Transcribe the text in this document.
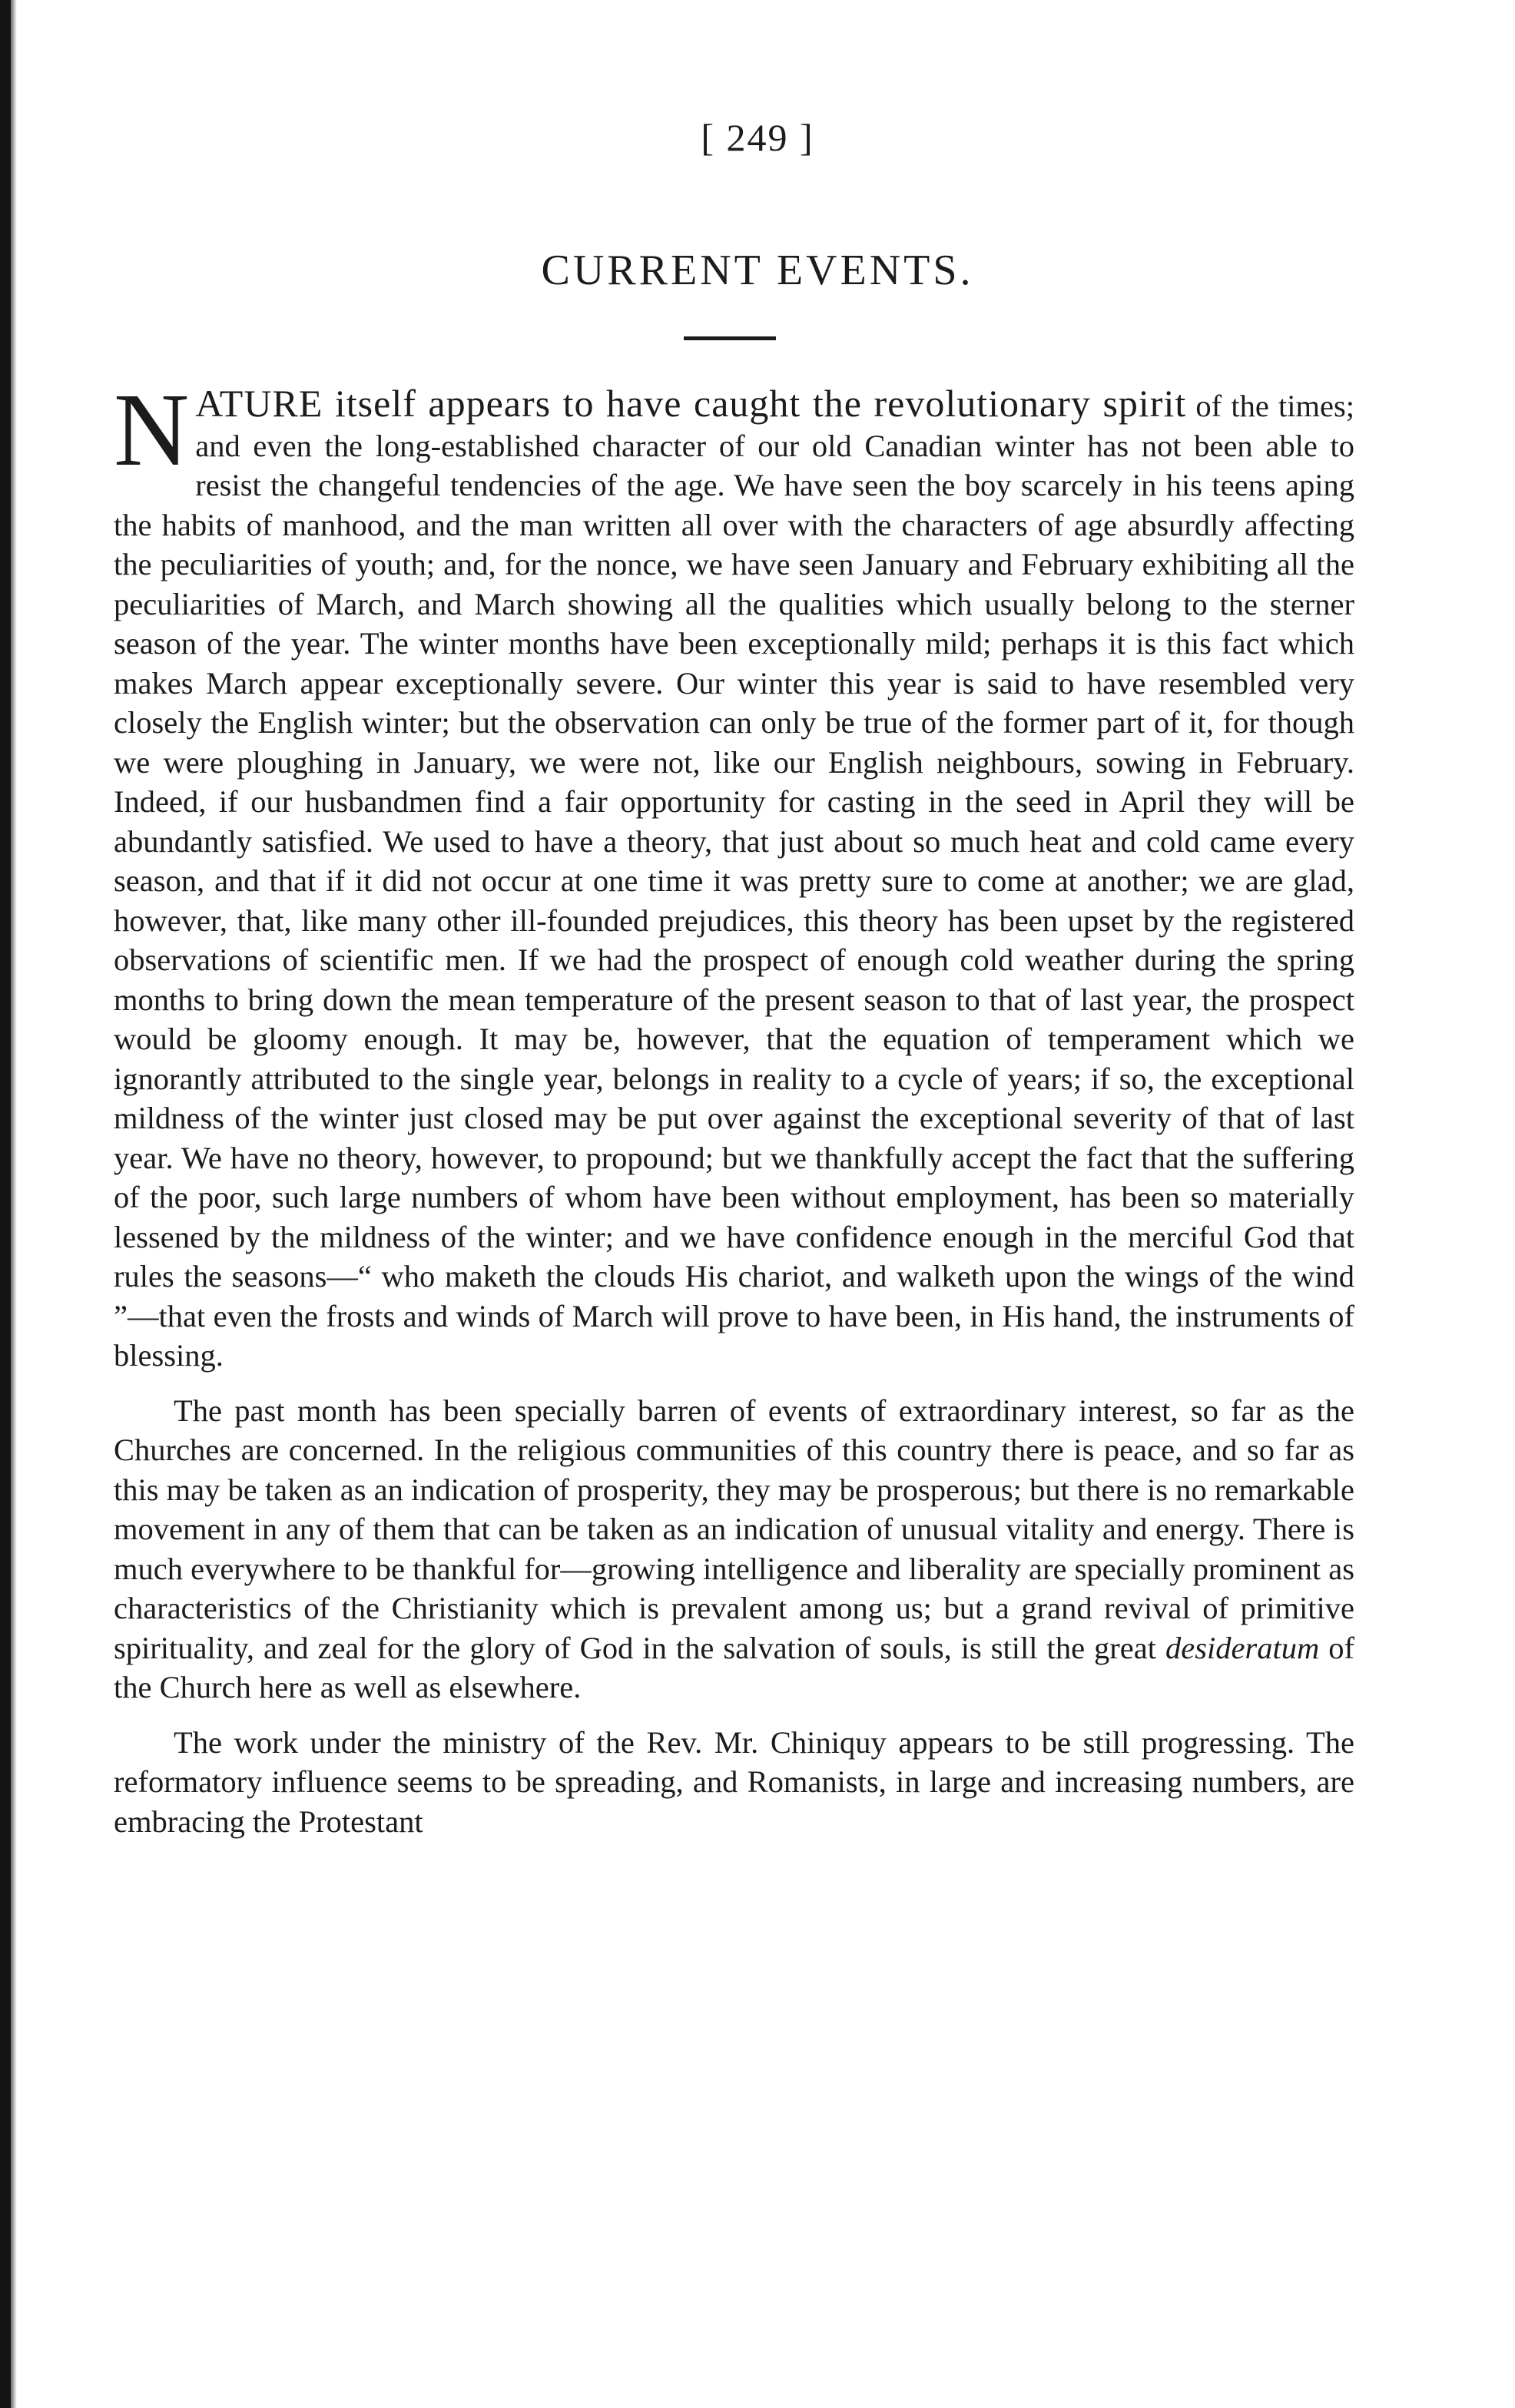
[ 249 ]
CURRENT EVENTS.

N ATURE itself appears to have caught the revolutionary spirit of the times; and even the long-established character of our old Canadian winter has not been able to resist the changeful tendencies of the age. We have seen the boy scarcely in his teens aping the habits of manhood, and the man written all over with the characters of age absurdly affecting the peculiarities of youth; and, for the nonce, we have seen January and February exhibiting all the peculiarities of March, and March showing all the qualities which usually belong to the sterner season of the year. The winter months have been exceptionally mild; perhaps it is this fact which makes March appear exceptionally severe. Our winter this year is said to have resembled very closely the English winter; but the observation can only be true of the former part of it, for though we were ploughing in January, we were not, like our English neighbours, sowing in February. Indeed, if our husbandmen find a fair opportunity for casting in the seed in April they will be abundantly satisfied. We used to have a theory, that just about so much heat and cold came every season, and that if it did not occur at one time it was pretty sure to come at another; we are glad, however, that, like many other ill-founded prejudices, this theory has been upset by the registered observations of scientific men. If we had the prospect of enough cold weather during the spring months to bring down the mean temperature of the present season to that of last year, the prospect would be gloomy enough. It may be, however, that the equation of temperament which we ignorantly attributed to the single year, belongs in reality to a cycle of years; if so, the exceptional mildness of the winter just closed may be put over against the exceptional severity of that of last year. We have no theory, however, to propound; but we thankfully accept the fact that the suffering of the poor, such large numbers of whom have been without employment, has been so materially lessened by the mildness of the winter; and we have confidence enough in the merciful God that rules the seasons—“ who maketh the clouds His chariot, and walketh upon the wings of the wind ”—that even the frosts and winds of March will prove to have been, in His hand, the instruments of blessing.

The past month has been specially barren of events of extraordinary interest, so far as the Churches are concerned. In the religious communities of this country there is peace, and so far as this may be taken as an indication of prosperity, they may be prosperous; but there is no remarkable movement in any of them that can be taken as an indication of unusual vitality and energy. There is much everywhere to be thankful for—growing intelligence and liberality are specially prominent as characteristics of the Christianity which is prevalent among us; but a grand revival of primitive spirituality, and zeal for the glory of God in the salvation of souls, is still the great desideratum of the Church here as well as elsewhere.

The work under the ministry of the Rev. Mr. Chiniquy appears to be still progressing. The reformatory influence seems to be spreading, and Romanists, in large and increasing numbers, are embracing the Protestant
